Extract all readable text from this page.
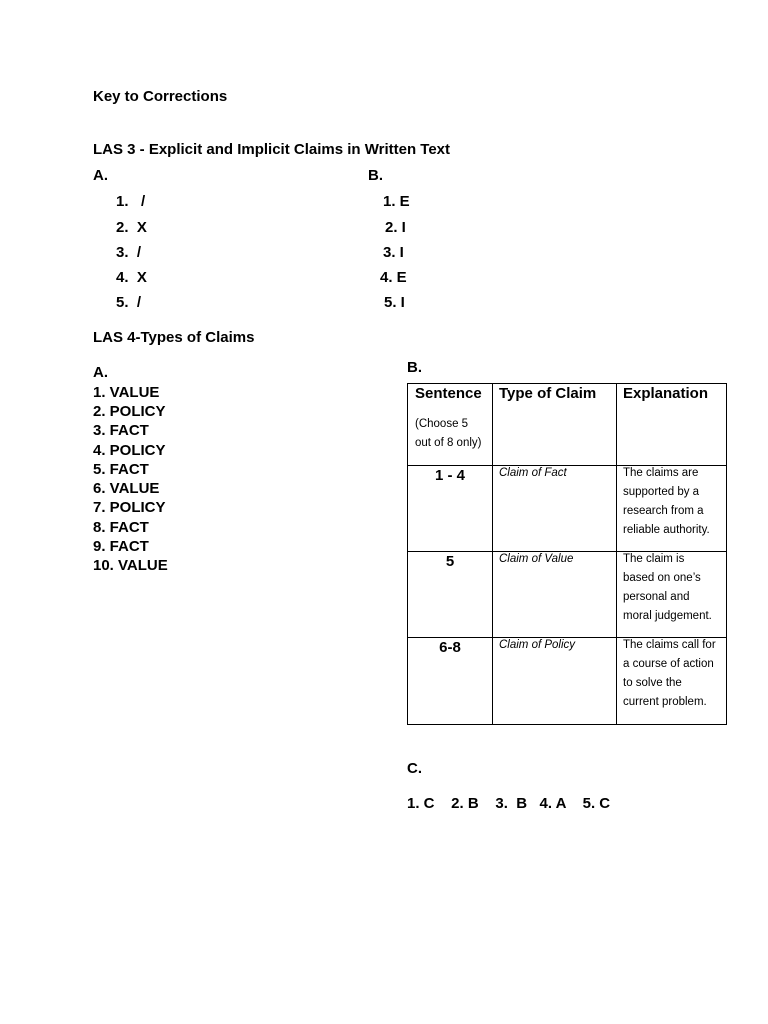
Key to Corrections
LAS 3 - Explicit and Implicit Claims in Written Text
A.	B.
1.   /
2.  X
3.  /
4.  X
5.  /
1. E
2. I
3. I
4. E
5. I
LAS 4-Types of Claims
A.
1. VALUE
2. POLICY
3. FACT
4. POLICY
5. FACT
6. VALUE
7. POLICY
8. FACT
9. FACT
10. VALUE
B.
Sentence Type of Claim Explanation
(Choose 5
out of 8 only)
1 - 4	Claim of Fact	The claims are
supported by a
research from a
reliable authority.
5	Claim of Value	The claim is
based on one’s
personal and
moral judgement.
6-8	Claim of Policy	The claims call for
a course of action
to solve the
current problem.
C.
1. C    2. B    3.  B   4. A    5. C
